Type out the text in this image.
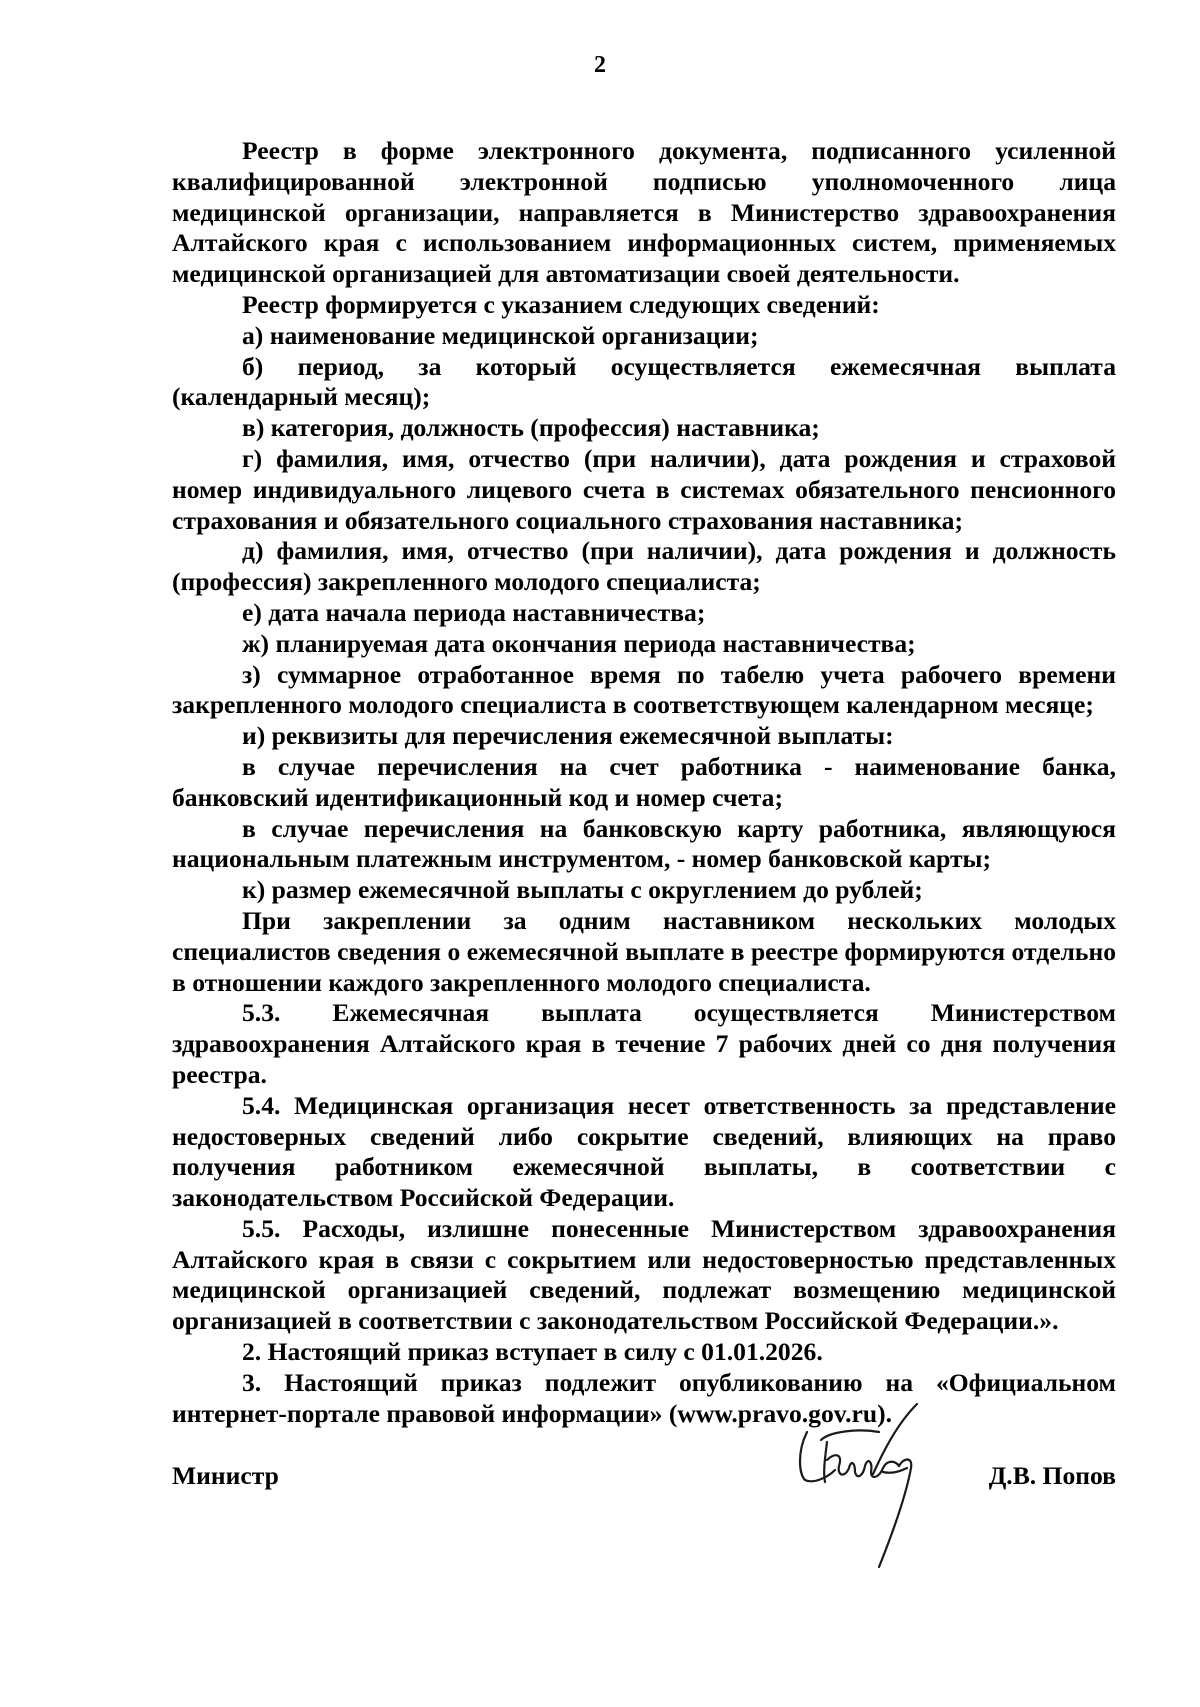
2

Реестр в форме электронного документа, подписанного усиленной квалифицированной электронной подписью уполномоченного лица медицинской организации, направляется в Министерство здравоохранения Алтайского края с использованием информационных систем, применяемых медицинской организацией для автоматизации своей деятельности.

Реестр формируется с указанием следующих сведений:

а) наименование медицинской организации;

б) период, за который осуществляется ежемесячная выплата (календарный месяц);

в) категория, должность (профессия) наставника;

г) фамилия, имя, отчество (при наличии), дата рождения и страховой номер индивидуального лицевого счета в системах обязательного пенсионного страхования и обязательного социального страхования наставника;

д) фамилия, имя, отчество (при наличии), дата рождения и должность (профессия) закрепленного молодого специалиста;

е) дата начала периода наставничества;

ж) планируемая дата окончания периода наставничества;

з) суммарное отработанное время по табелю учета рабочего времени закрепленного молодого специалиста в соответствующем календарном месяце;

и) реквизиты для перечисления ежемесячной выплаты:

в случае перечисления на счет работника - наименование банка, банковский идентификационный код и номер счета;

в случае перечисления на банковскую карту работника, являющуюся национальным платежным инструментом, - номер банковской карты;

к) размер ежемесячной выплаты с округлением до рублей;

При закреплении за одним наставником нескольких молодых специалистов сведения о ежемесячной выплате в реестре формируются отдельно в отношении каждого закрепленного молодого специалиста.

5.3. Ежемесячная выплата осуществляется Министерством здравоохранения Алтайского края в течение 7 рабочих дней со дня получения реестра.

5.4. Медицинская организация несет ответственность за представление недостоверных сведений либо сокрытие сведений, влияющих на право получения работником ежемесячной выплаты, в соответствии с законодательством Российской Федерации.

5.5. Расходы, излишне понесенные Министерством здравоохранения Алтайского края в связи с сокрытием или недостоверностью представленных медицинской организацией сведений, подлежат возмещению медицинской организацией в соответствии с законодательством Российской Федерации.».

2. Настоящий приказ вступает в силу с 01.01.2026.

3. Настоящий приказ подлежит опубликованию на «Официальном интернет-портале правовой информации» (www.pravo.gov.ru).

Министр	Д.В. Попов
